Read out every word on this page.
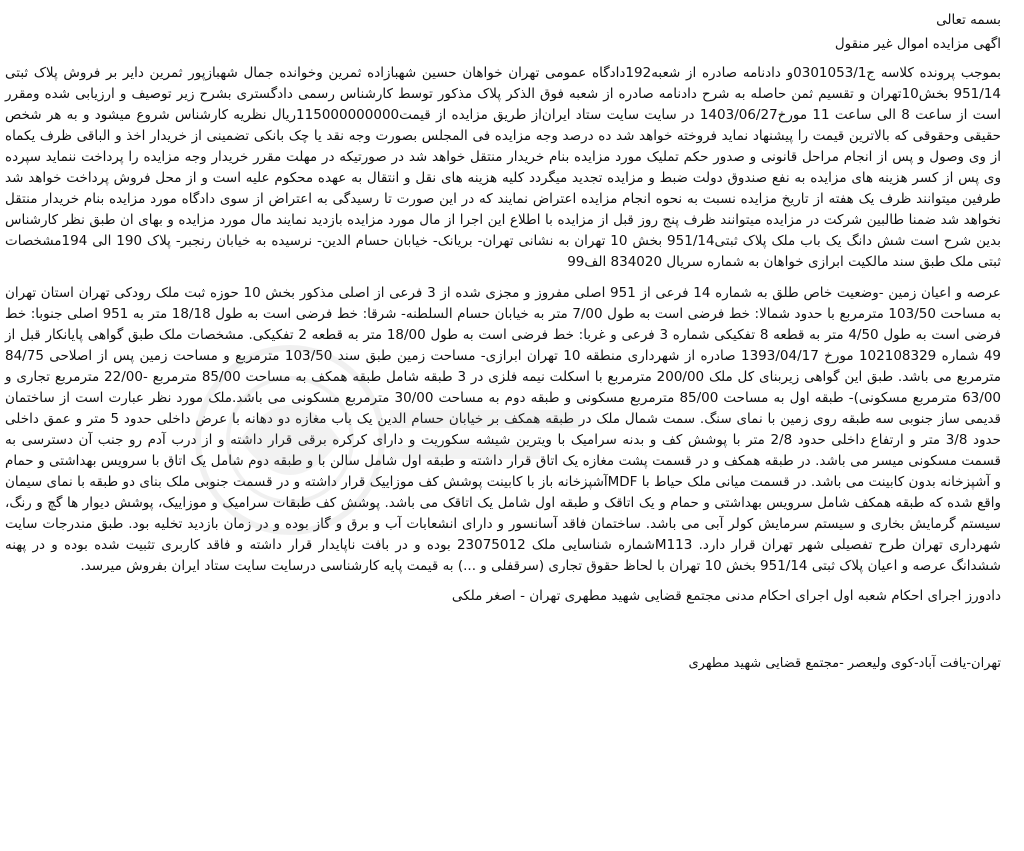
بسمه تعالی
اگهی مزایده اموال غیر منقول
بموجب پرونده کلاسه ج0301053/1و دادنامه صادره از شعبه192دادگاه عمومی تهران خواهان حسین شهبازاده ثمرین وخوانده جمال شهبازپور ثمرین دایر بر فروش پلاک ثبتی 951/14 بخش10تهران و تقسیم ثمن حاصله به شرح دادنامه صادره از شعبه فوق الذکر پلاک مذکور توسط کارشناس رسمی دادگستری بشرح زیر توصیف و ارزیابی شده ومقرر است از ساعت 8 الی ساعت 11 مورخ1403/06/27 در سایت سایت ستاد ایران‌از طریق مزایده از قیمت115000000000ریال نظریه کارشناس شروع میشود و به هر شخص حقیقی وحقوقی که بالاترین قیمت را پیشنهاد نماید فروخته خواهد شد ده درصد وجه مزایده فی المجلس بصورت وجه نقد یا چک بانکی تضمینی از خریدار اخذ و الباقی ظرف یکماه از وی وصول و پس از انجام مراحل قانونی و صدور حکم تملیک مورد مزایده بنام خریدار منتقل خواهد شد در صورتیکه در مهلت مقرر خریدار وجه مزایده را پرداخت ننماید سپرده وی پس از کسر هزینه های مزایده به نفع صندوق دولت ضبط و مزایده تجدید میگردد کلیه هزینه های نقل و انتقال به عهده محکوم علیه است و از محل فروش پرداخت خواهد شد طرفین میتوانند ظرف یک هفته از تاریخ مزایده نسبت به نحوه انجام مزایده اعتراض نمایند که در این صورت تا رسیدگی به اعتراض از سوی دادگاه مورد مزایده بنام خریدار منتقل نخواهد شد ضمنا طالبین شرکت در مزایده میتوانند ظرف پنج روز قبل از مزایده با اطلاع این اجرا از مال مورد مزایده بازدید نمایند مال مورد مزایده و بهای ان طبق نظر کارشناس بدین شرح است شش دانگ یک باب ملک پلاک ثبتی951/14 بخش 10 تهران به نشانی تهران- بریانک- خیابان حسام الدین- نرسیده به خیابان رنجبر- پلاک 190 الی 194مشخصات ثبتی ملک طبق سند مالکیت ابرازی خواهان به شماره سریال 834020 الف99
عرصه و اعیان زمین -وضعیت خاص طلق به شماره 14 فرعی از 951 اصلی مفروز و مجزی شده از 3 فرعی از اصلی مذکور بخش 10 حوزه ثبت ملک رودکی تهران استان تهران به مساحت 103/50 مترمربع با حدود شمالا: خط فرضی است به طول 7/00 متر به خیابان حسام السلطنه- شرقا: خط فرضی است به طول 18/18 متر به 951 اصلی جنوبا: خط فرضی است به طول 4/50 متر به قطعه 8 تفکیکی شماره 3 فرعی و غربا: خط فرضی است به طول 18/00 متر به قطعه 2 تفکیکی. مشخصات ملک طبق گواهی پایانکار قبل از 49 شماره 102108329 مورخ 1393/04/17 صادره از شهرداری منطقه 10 تهران ابرازی- مساحت زمین طبق سند 103/50 مترمربع و مساحت زمین پس از اصلاحی 84/75 مترمربع می باشد. طبق این گواهی زیربنای کل ملک 200/00 مترمربع با اسکلت نیمه فلزی در 3 طبقه شامل طبقه همکف به مساحت 85/00 مترمربع -22/00 مترمربع تجاری و 63/00 مترمربع مسکونی)- طبقه اول به مساحت 85/00 مترمربع مسکونی و طبقه دوم به مساحت 30/00 مترمربع مسکونی می باشد.ملک مورد نظر عبارت است از ساختمان قدیمی ساز جنوبی سه طبقه روی زمین با نمای سنگ. سمت شمال ملک در طبقه همکف بر خیابان حسام الدین یک باب مغازه دو دهانه با عرض داخلی حدود 5 متر و عمق داخلی حدود 3/8 متر و ارتفاع داخلی حدود 2/8 متر با پوشش کف و بدنه سرامیک با ویترین شیشه سکوریت و دارای کرکره برقی قرار داشته و از درب آدم رو جنب آن دسترسی به قسمت مسکونی میسر می باشد. در طبقه همکف و در قسمت پشت مغازه یک اتاق قرار داشته و طبقه اول شامل سالن با و طبقه دوم شامل یک اتاق با سرویس بهداشتی و حمام و آشپزخانه بدون کابینت می باشد. در قسمت میانی ملک حیاط با MDFآشپزخانه باز با کابینت پوشش کف موزاییک قرار داشته و در قسمت جنوبی ملک بنای دو طبقه با نمای سیمان واقع شده که طبقه همکف شامل سرویس بهداشتی و حمام و یک اتاقک و طبقه اول شامل یک اتاقک می باشد. پوشش کف طبقات سرامیک و موزاییک، پوشش دیوار ها گچ و رنگ، سیستم گرمایش بخاری و سیستم سرمایش کولر آبی می باشد. ساختمان فاقد آسانسور و دارای انشعابات آب و برق و گاز بوده و در زمان بازدید تخلیه بود. طبق مندرجات سایت شهرداری تهران طرح تفصیلی شهر تهران قرار دارد. M113شماره شناسایی ملک 23075012 بوده و در بافت ناپایدار قرار داشته و فاقد کاربری تثبیت شده بوده و در پهنه ششدانگ عرصه و اعیان پلاک ثبتی 951/14 بخش 10 تهران با لحاظ حقوق تجاری (سرقفلی و ...) به قیمت پایه کارشناسی درسایت سایت ستاد ایران بفروش میرسد.
دادورز اجرای احکام شعبه اول اجرای احکام مدنی مجتمع قضایی شهید مطهری تهران - اصغر ملکی
تهران-یافت آباد-کوی ولیعصر -مجتمع قضایی شهید مطهری
